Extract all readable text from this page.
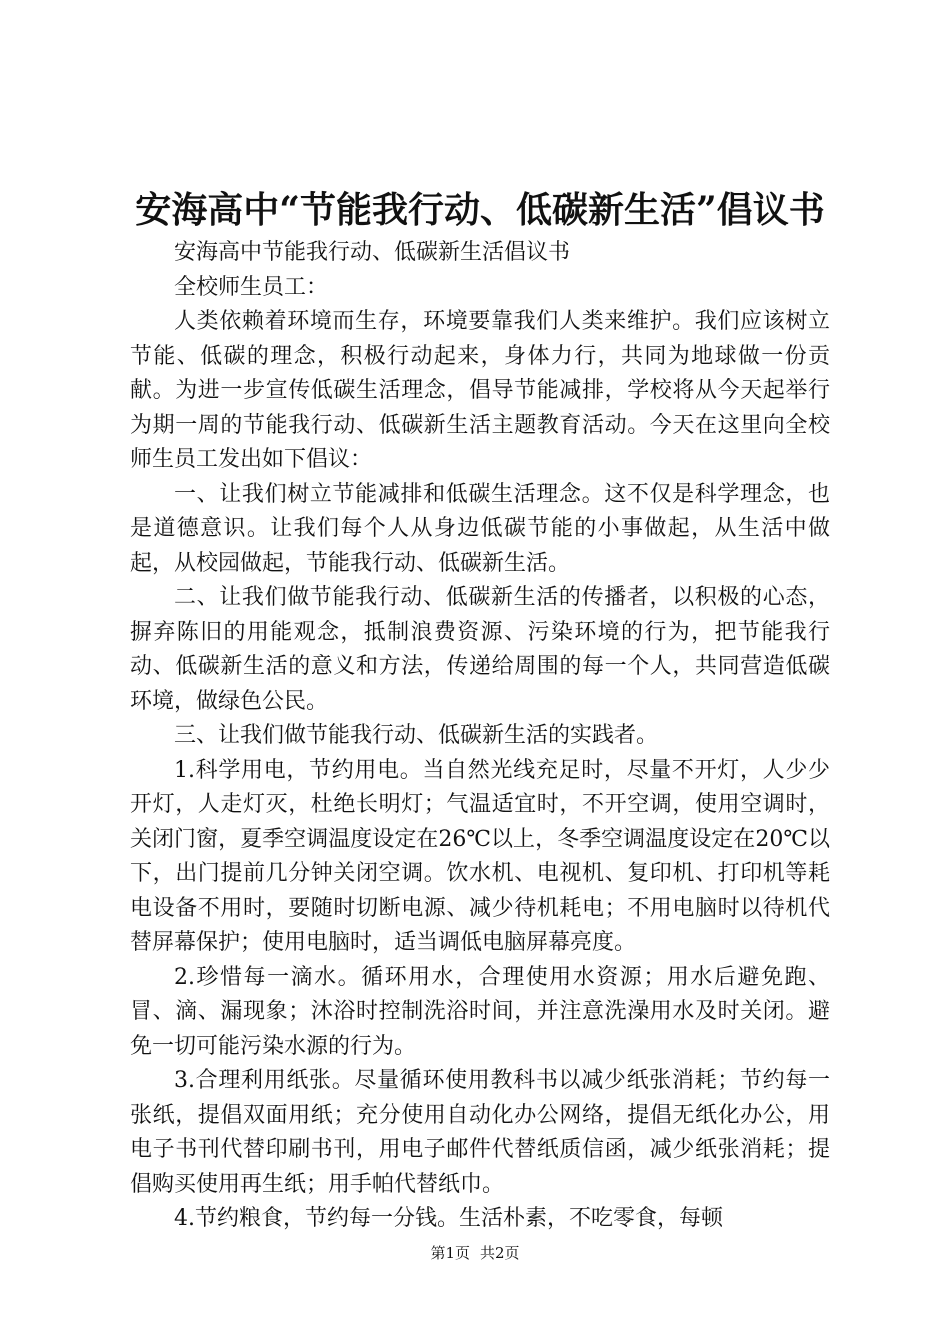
安海高中“节能我行动、低碳新生活”倡议书

安海高中节能我行动、低碳新生活倡议书

全校师生员工：

人类依赖着环境而生存，环境要靠我们人类来维护。我们应该树立节能、低碳的理念，积极行动起来，身体力行，共同为地球做一份贡献。为进一步宣传低碳生活理念，倡导节能减排，学校将从今天起举行为期一周的节能我行动、低碳新生活主题教育活动。今天在这里向全校师生员工发出如下倡议：

一、让我们树立节能减排和低碳生活理念。这不仅是科学理念，也是道德意识。让我们每个人从身边低碳节能的小事做起，从生活中做起，从校园做起，节能我行动、低碳新生活。

二、让我们做节能我行动、低碳新生活的传播者，以积极的心态，摒弃陈旧的用能观念，抵制浪费资源、污染环境的行为，把节能我行动、低碳新生活的意义和方法，传递给周围的每一个人，共同营造低碳环境，做绿色公民。

三、让我们做节能我行动、低碳新生活的实践者。

1.科学用电，节约用电。当自然光线充足时，尽量不开灯，人少少开灯，人走灯灭，杜绝长明灯；气温适宜时，不开空调，使用空调时，关闭门窗，夏季空调温度设定在26℃以上，冬季空调温度设定在20℃以下，出门提前几分钟关闭空调。饮水机、电视机、复印机、打印机等耗电设备不用时，要随时切断电源、减少待机耗电；不用电脑时以待机代替屏幕保护；使用电脑时，适当调低电脑屏幕亮度。

2.珍惜每一滴水。循环用水，合理使用水资源；用水后避免跑、冒、滴、漏现象；沐浴时控制洗浴时间，并注意洗澡用水及时关闭。避免一切可能污染水源的行为。

3.合理利用纸张。尽量循环使用教科书以减少纸张消耗；节约每一张纸，提倡双面用纸；充分使用自动化办公网络，提倡无纸化办公，用电子书刊代替印刷书刊，用电子邮件代替纸质信函，减少纸张消耗；提倡购买使用再生纸；用手帕代替纸巾。

4.节约粮食，节约每一分钱。生活朴素，不吃零食，每顿

第1页 共2页
